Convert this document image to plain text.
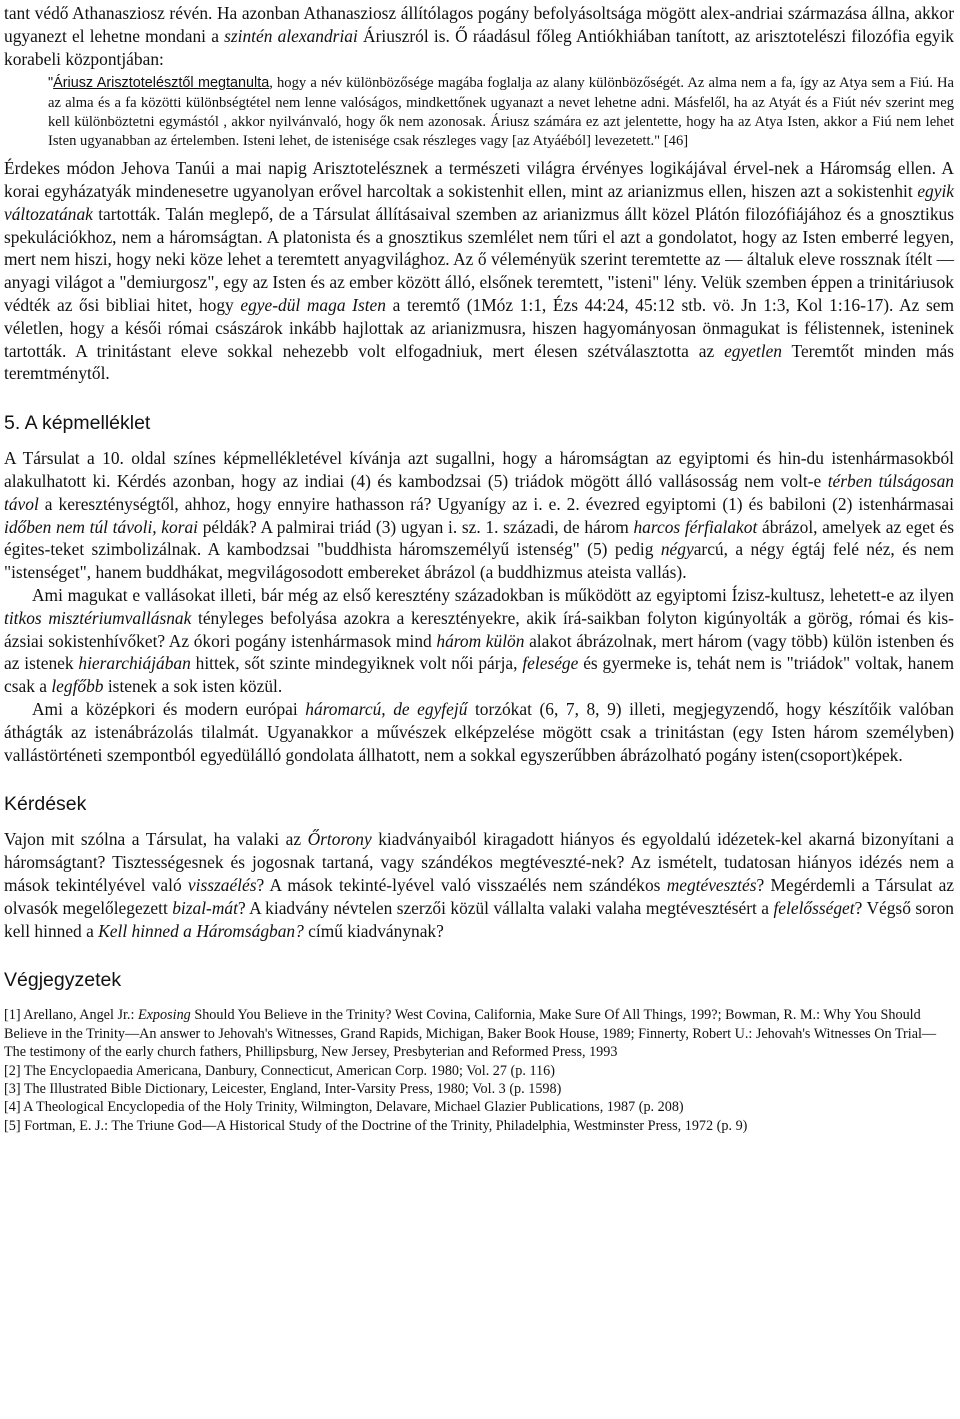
tant védő Athanasziosz révén. Ha azonban Athanasziosz állítólagos pogány befolyásoltsága mögött alex-andriai származása állna, akkor ugyanezt el lehetne mondani a szintén alexandriai Áriuszról is. Ő ráadásul főleg Antiókhiában tanított, az arisztotelészi filozófia egyik korabeli központjában:

"Áriusz Arisztotelésztől megtanulta, hogy a név különbözősége magába foglalja az alany különbözőségét. Az alma nem a fa, így az Atya sem a Fiú. Ha az alma és a fa közötti különbségtétel nem lenne valóságos, mindkettőnek ugyanazt a nevet lehetne adni. Másfelől, ha az Atyát és a Fiút név szerint meg kell különböztetni egymástól , akkor nyilvánvaló, hogy ők nem azonosak. Áriusz számára ez azt jelentette, hogy ha az Atya Isten, akkor a Fiú nem lehet Isten ugyanabban az értelemben. Isteni lehet, de istenisége csak részleges vagy [az Atyáéból] levezetett." [46]

Érdekes módon Jehova Tanúi a mai napig Arisztotelésznek a természeti világra érvényes logikájával érvel-nek a Háromság ellen. A korai egyházatyák mindenesetre ugyanolyan erővel harcoltak a sokistenhit ellen, mint az arianizmus ellen, hiszen azt a sokistenhit egyik változatának tartották. Talán meglepő, de a Társulat állításaival szemben az arianizmus állt közel Plátón filozófiájához és a gnosztikus spekulációkhoz, nem a háromságtan. A platonista és a gnosztikus szemlélet nem tűri el azt a gondolatot, hogy az Isten emberré legyen, mert nem hiszi, hogy neki köze lehet a teremtett anyagvilághoz. Az ő véleményük szerint teremtette az — általuk eleve rossznak ítélt — anyagi világot a "demiurgosz", egy az Isten és az ember között álló, elsőnek teremtett, "isteni" lény. Velük szemben éppen a trinitáriusok védték az ősi bibliai hitet, hogy egye-dül maga Isten a teremtő (1Móz 1:1, Ézs 44:24, 45:12 stb. vö. Jn 1:3, Kol 1:16-17). Az sem véletlen, hogy a késői római császárok inkább hajlottak az arianizmusra, hiszen hagyományosan önmagukat is félistennek, isteninek tartották. A trinitástant eleve sokkal nehezebb volt elfogadniuk, mert élesen szétválasztotta az egyetlen Teremtőt minden más teremtménytől.

5. A képmelléklet

A Társulat a 10. oldal színes képmellékletével kívánja azt sugallni, hogy a háromságtan az egyiptomi és hin-du istenhármasokból alakulhatott ki. Kérdés azonban, hogy az indiai (4) és kambodzsai (5) triádok mögött álló vallásosság nem volt-e térben túlságosan távol a kereszténységtől, ahhoz, hogy ennyire hathasson rá? Ugyanígy az i. e. 2. évezred egyiptomi (1) és babiloni (2) istenhármasai időben nem túl távoli, korai példák? A palmirai triád (3) ugyan i. sz. 1. századi, de három harcos férfialakot ábrázol, amelyek az eget és égites-teket szimbolizálnak. A kambodzsai "buddhista háromszemélyű istenség" (5) pedig négyarcú, a négy égtáj felé néz, és nem "istenséget", hanem buddhákat, megvilágosodott embereket ábrázol (a buddhizmus ateista vallás).

Ami magukat e vallásokat illeti, bár még az első keresztény századokban is működött az egyiptomi Ízisz-kultusz, lehetett-e az ilyen titkos misztériumvallásnak tényleges befolyása azokra a keresztényekre, akik írá-saikban folyton kigúnyolták a görög, római és kis-ázsiai sokistenhívőket? Az ókori pogány istenhármasok mind három külön alakot ábrázolnak, mert három (vagy több) külön istenben és az istenek hierarchiájában hittek, sőt szinte mindegyiknek volt női párja, felesége és gyermeke is, tehát nem is "triádok" voltak, hanem csak a legfőbb istenek a sok isten közül.

Ami a középkori és modern európai háromarcú, de egyfejű torzókat (6, 7, 8, 9) illeti, megjegyzendő, hogy készítőik valóban áthágták az istenábrázolás tilalmát. Ugyanakkor a művészek elképzelése mögött csak a trinitástan (egy Isten három személyben) vallástörténeti szempontból egyedülálló gondolata állhatott, nem a sokkal egyszerűbben ábrázolható pogány isten(csoport)képek.

Kérdések

Vajon mit szólna a Társulat, ha valaki az Őrtorony kiadványaiból kiragadott hiányos és egyoldalú idézetek-kel akarná bizonyítani a háromságtant? Tisztességesnek és jogosnak tartaná, vagy szándékos megtéveszté-nek? Az ismételt, tudatosan hiányos idézés nem a mások tekintélyével való visszaélés? A mások tekinté-lyével való visszaélés nem szándékos megtévesztés? Megérdemli a Társulat az olvasók megelőlegezett bizal-mát? A kiadvány névtelen szerzői közül vállalta valaki valaha megtévesztésért a felelősséget? Végső soron kell hinned a Kell hinned a Háromságban? című kiadványnak?

Végjegyzetek

[1] Arellano, Angel Jr.: Exposing Should You Believe in the Trinity? West Covina, California, Make Sure Of All Things, 199?; Bowman, R. M.: Why You Should Believe in the Trinity—An answer to Jehovah's Witnesses, Grand Rapids, Michigan, Baker Book House, 1989; Finnerty, Robert U.: Jehovah's Witnesses On Trial—The testimony of the early church fathers, Phillipsburg, New Jersey, Presbyterian and Reformed Press, 1993

[2] The Encyclopaedia Americana, Danbury, Connecticut, American Corp. 1980; Vol. 27 (p. 116)

[3] The Illustrated Bible Dictionary, Leicester, England, Inter-Varsity Press, 1980; Vol. 3 (p. 1598)

[4] A Theological Encyclopedia of the Holy Trinity, Wilmington, Delavare, Michael Glazier Publications, 1987 (p. 208)

[5] Fortman, E. J.: The Triune God—A Historical Study of the Doctrine of the Trinity, Philadelphia, Westminster Press, 1972 (p. 9)
